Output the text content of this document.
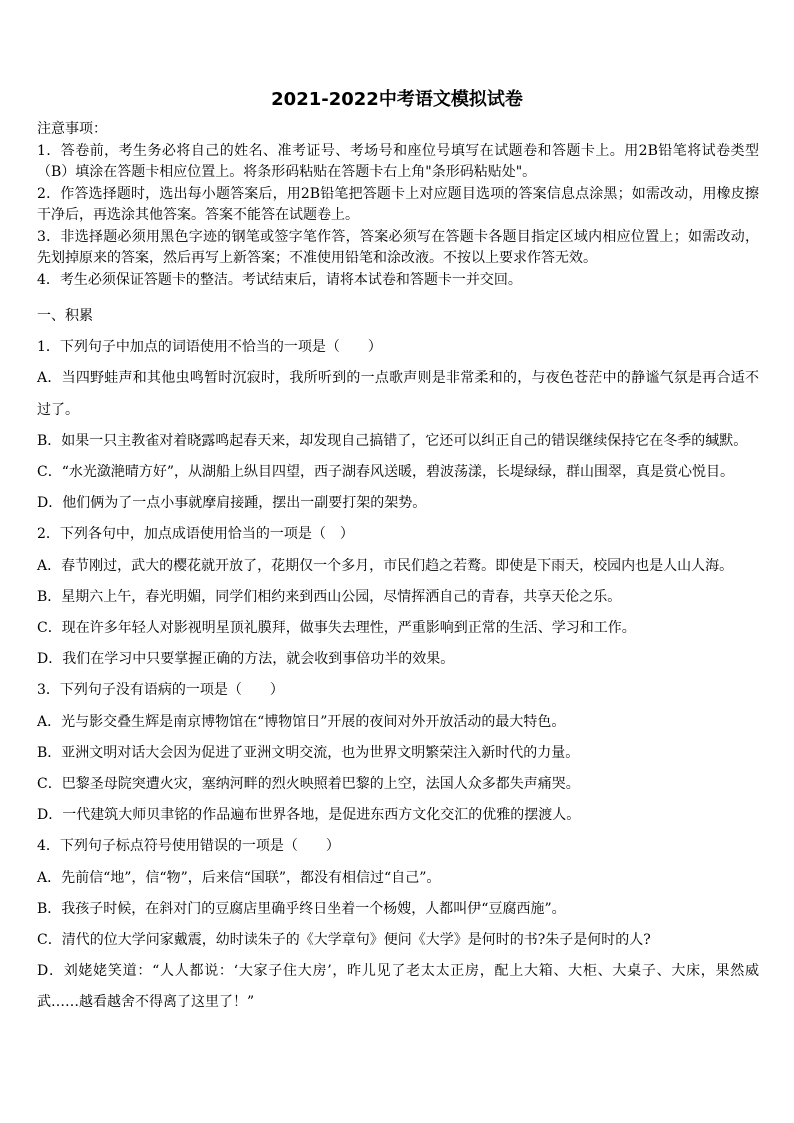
2021-2022中考语文模拟试卷

注意事项：

1．答卷前，考生务必将自己的姓名、准考证号、考场号和座位号填写在试题卷和答题卡上。用2B铅笔将试卷类型（B）填涂在答题卡相应位置上。将条形码粘贴在答题卡右上角"条形码粘贴处"。

2．作答选择题时，选出每小题答案后，用2B铅笔把答题卡上对应题目选项的答案信息点涂黑；如需改动，用橡皮擦干净后，再选涂其他答案。答案不能答在试题卷上。

3．非选择题必须用黑色字迹的钢笔或签字笔作答，答案必须写在答题卡各题目指定区域内相应位置上；如需改动，先划掉原来的答案，然后再写上新答案；不准使用铅笔和涂改液。不按以上要求作答无效。

4．考生必须保证答题卡的整洁。考试结束后，请将本试卷和答题卡一并交回。

一、积累

1．下列句子中加点的词语使用不恰当的一项是（　　）

A．当四野蛙声和其他虫鸣暂时沉寂时，我所听到的一点歌声则是非常柔和的，与夜色苍茫中的静谧气氛是再合适不过了。

B．如果一只主教雀对着晓露鸣起春天来，却发现自己搞错了，它还可以纠正自己的错误继续保持它在冬季的缄默。

C．“水光潋滟晴方好”，从湖船上纵目四望，西子湖春风送暖，碧波荡漾，长堤绿绿，群山围翠，真是赏心悦目。

D．他们俩为了一点小事就摩肩接踵，摆出一副要打架的架势。

2．下列各句中，加点成语使用恰当的一项是（　）

A．春节刚过，武大的樱花就开放了，花期仅一个多月，市民们趋之若鹜。即使是下雨天，校园内也是人山人海。

B．星期六上午，春光明媚，同学们相约来到西山公园，尽情挥洒自己的青春，共享天伦之乐。

C．现在许多年轻人对影视明星顶礼膜拜，做事失去理性，严重影响到正常的生活、学习和工作。

D．我们在学习中只要掌握正确的方法，就会收到事倍功半的效果。

3．下列句子没有语病的一项是（　　）

A．光与影交叠生辉是南京博物馆在“博物馆日”开展的夜间对外开放活动的最大特色。

B．亚洲文明对话大会因为促进了亚洲文明交流，也为世界文明繁荣注入新时代的力量。

C．巴黎圣母院突遭火灾，塞纳河畔的烈火映照着巴黎的上空，法国人众多都失声痛哭。

D．一代建筑大师贝聿铭的作品遍布世界各地，是促进东西方文化交汇的优雅的摆渡人。

4．下列句子标点符号使用错误的一项是（　　）

A．先前信“地”，信“物”，后来信“国联”，都没有相信过“自己”。

B．我孩子时候，在斜对门的豆腐店里确乎终日坐着一个杨嫂，人都叫伊“豆腐西施”。

C．清代的位大学问家戴震，幼时读朱子的《大学章句》便问《大学》是何时的书?朱子是何时的人?

D．刘姥姥笑道：“人人都说：‘大家子住大房’，昨儿见了老太太正房，配上大箱、大柜、大桌子、大床，果然威武……越看越舍不得离了这里了！”
